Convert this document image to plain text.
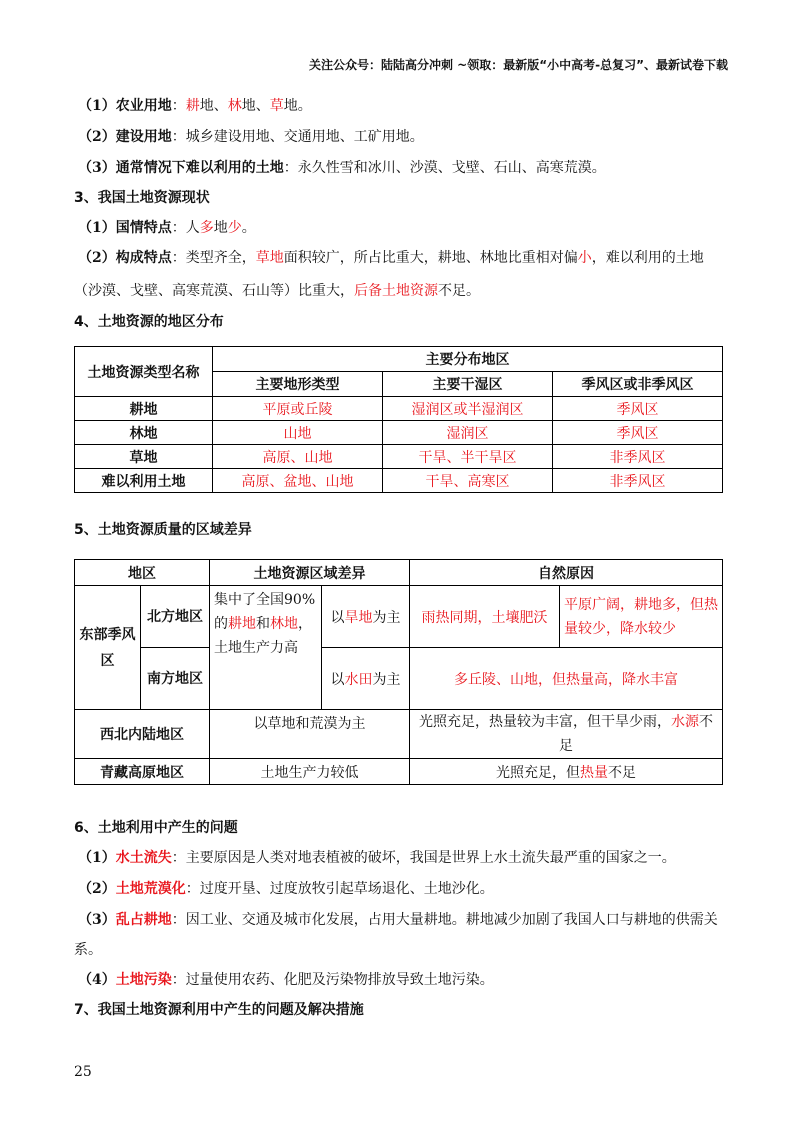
关注公众号：陆陆高分冲刺 ~领取：最新版“小中高考-总复习”、最新试卷下载
（1）农业用地：耕地、林地、草地。
（2）建设用地：城乡建设用地、交通用地、工矿用地。
（3）通常情况下难以利用的土地：永久性雪和冰川、沙漠、戈壁、石山、高寒荒漠。
3、我国土地资源现状
（1）国情特点：人多地少。
（2）构成特点：类型齐全，草地面积较广，所占比重大，耕地、林地比重相对偏小，难以利用的土地
（沙漠、戈壁、高寒荒漠、石山等）比重大，后备土地资源不足。
4、土地资源的地区分布
土地资源类型名称	主要分布地区		
	主要地形类型	主要干湿区	季风区或非季风区
耕地	平原或丘陵	湿润区或半湿润区	季风区
林地	山地	湿润区	季风区
草地	高原、山地	干旱、半干旱区	非季风区
难以利用土地	高原、盆地、山地	干旱、高寒区	非季风区
5、土地资源质量的区域差异
地区		土地资源区域差异		自然原因	
东部季风区	北方地区	集中了全国90%的耕地和林地，土地生产力高	以旱地为主	雨热同期，土壤肥沃	平原广阔，耕地多，但热量较少，降水较少
	南方地区		以水田为主	多丘陵、山地，但热量高，降水丰富	
西北内陆地区		以草地和荒漠为主		光照充足，热量较为丰富，但干旱少雨，水源不足	
青藏高原地区		土地生产力较低		光照充足，但热量不足	
6、土地利用中产生的问题
（1）水土流失：主要原因是人类对地表植被的破坏，我国是世界上水土流失最严重的国家之一。
（2）土地荒漠化：过度开垦、过度放牧引起草场退化、土地沙化。
（3）乱占耕地：因工业、交通及城市化发展，占用大量耕地。耕地减少加剧了我国人口与耕地的供需关
系。
（4）土地污染：过量使用农药、化肥及污染物排放导致土地污染。
7、我国土地资源利用中产生的问题及解决措施
25
